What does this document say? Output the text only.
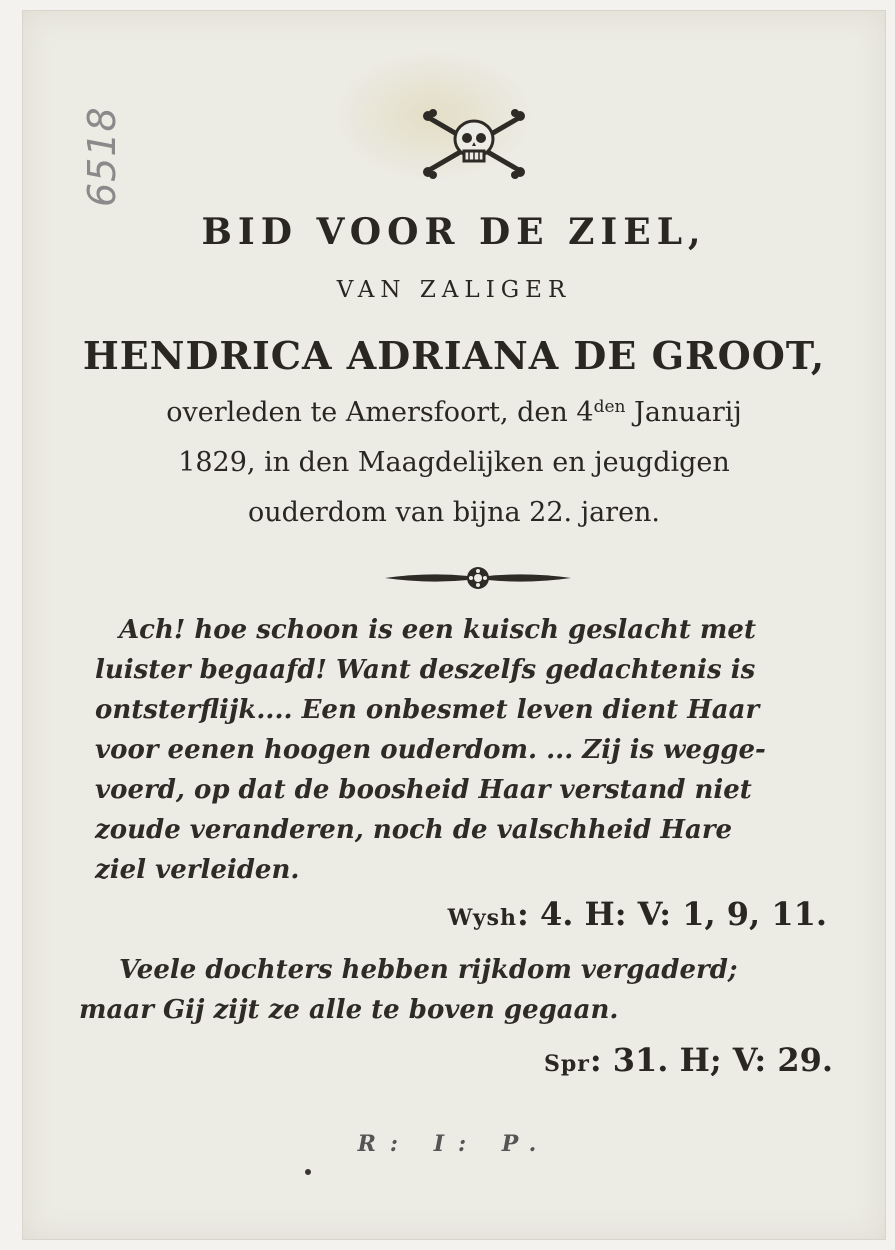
6518
BID VOOR DE ZIEL,
VAN ZALIGER
HENDRICA ADRIANA DE GROOT,
overleden te Amersfoort, den $4^{den}$ Januarij
1829, in den Maagdelijken en jeugdigen
ouderdom van bijna 22. jaren.
Ach! hoe schoon is een kuisch geslacht met
luister begaafd! Want deszelfs gedachtenis is
ontsterflijk.... Een onbesmet leven dient Haar
voor eenen hoogen ouderdom. ... Zij is wegge-
voerd, op dat de boosheid Haar verstand niet
zoude veranderen, noch de valschheid Hare
ziel verleiden.
Wysh: 4. H: V: 1, 9, 11.
Veele dochters hebben rijkdom vergaderd;
maar Gij zijt ze alle te boven gegaan.
Spr: 31. H; V: 29.
R: I: P.
